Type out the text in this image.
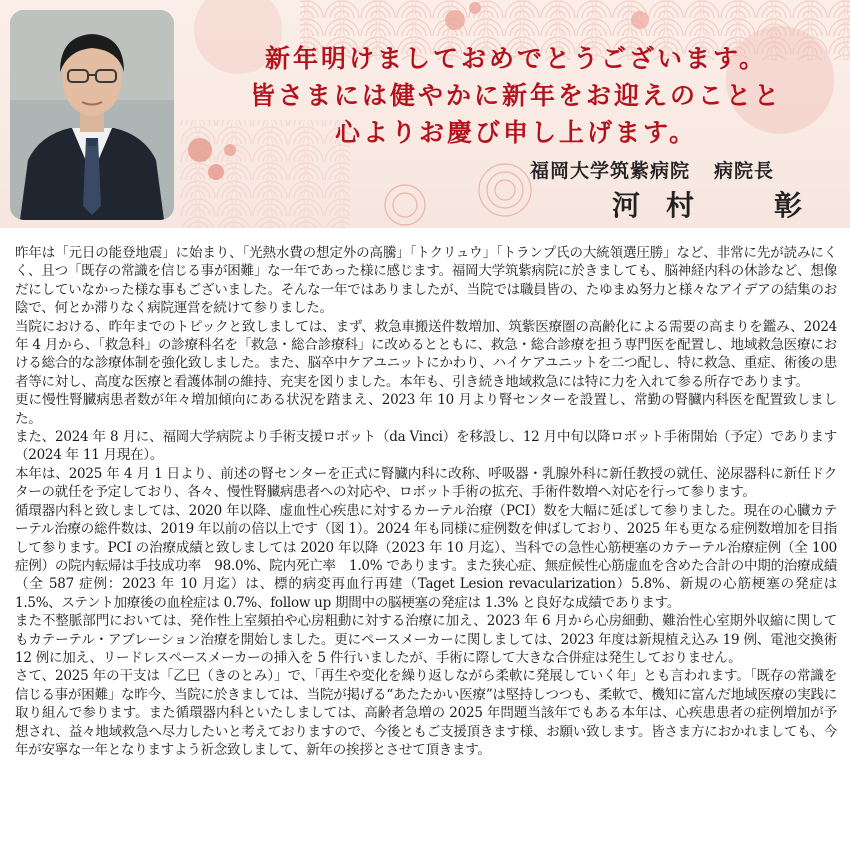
新年明けましておめでとうございます。
皆さまには健やかに新年をお迎えのことと
心よりお慶び申し上げます。
福岡大学筑紫病院 病院長
河村　彰

昨年は「元日の能登地震」に始まり、「光熱水費の想定外の高騰」「トクリュウ」「トランプ氏の大統領選圧勝」など、非常に先が読みにくく、且つ「既存の常識を信じる事が困難」な一年であった様に感じます。福岡大学筑紫病院に於きましても、脳神経内科の休診など、想像だにしていなかった様な事もございました。そんな一年ではありましたが、当院では職員皆の、たゆまぬ努力と様々なアイデアの結集のお陰で、何とか滞りなく病院運営を続けて参りました。

当院における、昨年までのトピックと致しましては、まず、救急車搬送件数増加、筑紫医療圏の高齢化による需要の高まりを鑑み、2024 年 4 月から、「救急科」の診療科名を「救急・総合診療科」に改めるとともに、救急・総合診療を担う専門医を配置し、地域救急医療における総合的な診療体制を強化致しました。また、脳卒中ケアユニットにかわり、ハイケアユニットを二つ配し、特に救急、重症、術後の患者等に対し、高度な医療と看護体制の維持、充実を図りました。本年も、引き続き地域救急には特に力を入れて参る所存であります。

更に慢性腎臓病患者数が年々増加傾向にある状況を踏まえ、2023 年 10 月より腎センターを設置し、常勤の腎臓内科医を配置致しました。

また、2024 年 8 月に、福岡大学病院より手術支援ロボット（da Vinci）を移設し、12 月中旬以降ロボット手術開始（予定）であります（2024 年 11 月現在）。

本年は、2025 年 4 月 1 日より、前述の腎センターを正式に腎臓内科に改称、呼吸器・乳腺外科に新任教授の就任、泌尿器科に新任ドクターの就任を予定しており、各々、慢性腎臓病患者への対応や、ロボット手術の拡充、手術件数増へ対応を行って参ります。

循環器内科と致しましては、2020 年以降、虚血性心疾患に対するカーテル治療（PCI）数を大幅に延ばして参りました。現在の心臓カテーテル治療の総件数は、2019 年以前の倍以上です（図 1）。2024 年も同様に症例数を伸ばしており、2025 年も更なる症例数増加を目指して参ります。PCI の治療成績と致しましては 2020 年以降（2023 年 10 月迄）、当科での急性心筋梗塞のカテーテル治療症例（全 100 症例）の院内転帰は手技成功率　98.0%、院内死亡率　1.0% であります。また狭心症、無症候性心筋虚血を含めた合計の中期的治療成績（全 587 症例：2023 年 10 月迄）は、標的病変再血行再建（Taget Lesion revacularization）5.8%、新規の心筋梗塞の発症は 1.5%、ステント加療後の血栓症は 0.7%、follow up 期間中の脳梗塞の発症は 1.3% と良好な成績であります。

また不整脈部門においては、発作性上室頻拍や心房粗動に対する治療に加え、2023 年 6 月から心房細動、難治性心室期外収縮に関してもカテーテル・アブレーション治療を開始しました。更にペースメーカーに関しましては、2023 年度は新規植え込み 19 例、電池交換術 12 例に加え、リードレスペースメーカーの挿入を 5 件行いましたが、手術に際して大きな合併症は発生しておりません。

さて、2025 年の干支は「乙巳（きのとみ）」で、「再生や変化を繰り返しながら柔軟に発展していく年」とも言われます。「既存の常識を信じる事が困難」な昨今、当院に於きましては、当院が掲げる“あたたかい医療”は堅持しつつも、柔軟で、機知に富んだ地域医療の実践に取り組んで参ります。また循環器内科といたしましては、高齢者急増の 2025 年問題当該年でもある本年は、心疾患患者の症例増加が予想され、益々地域救急へ尽力したいと考えておりますので、今後ともご支援頂きます様、お願い致します。皆さま方におかれましても、今年が安寧な一年となりますよう祈念致しまして、新年の挨拶とさせて頂きます。
